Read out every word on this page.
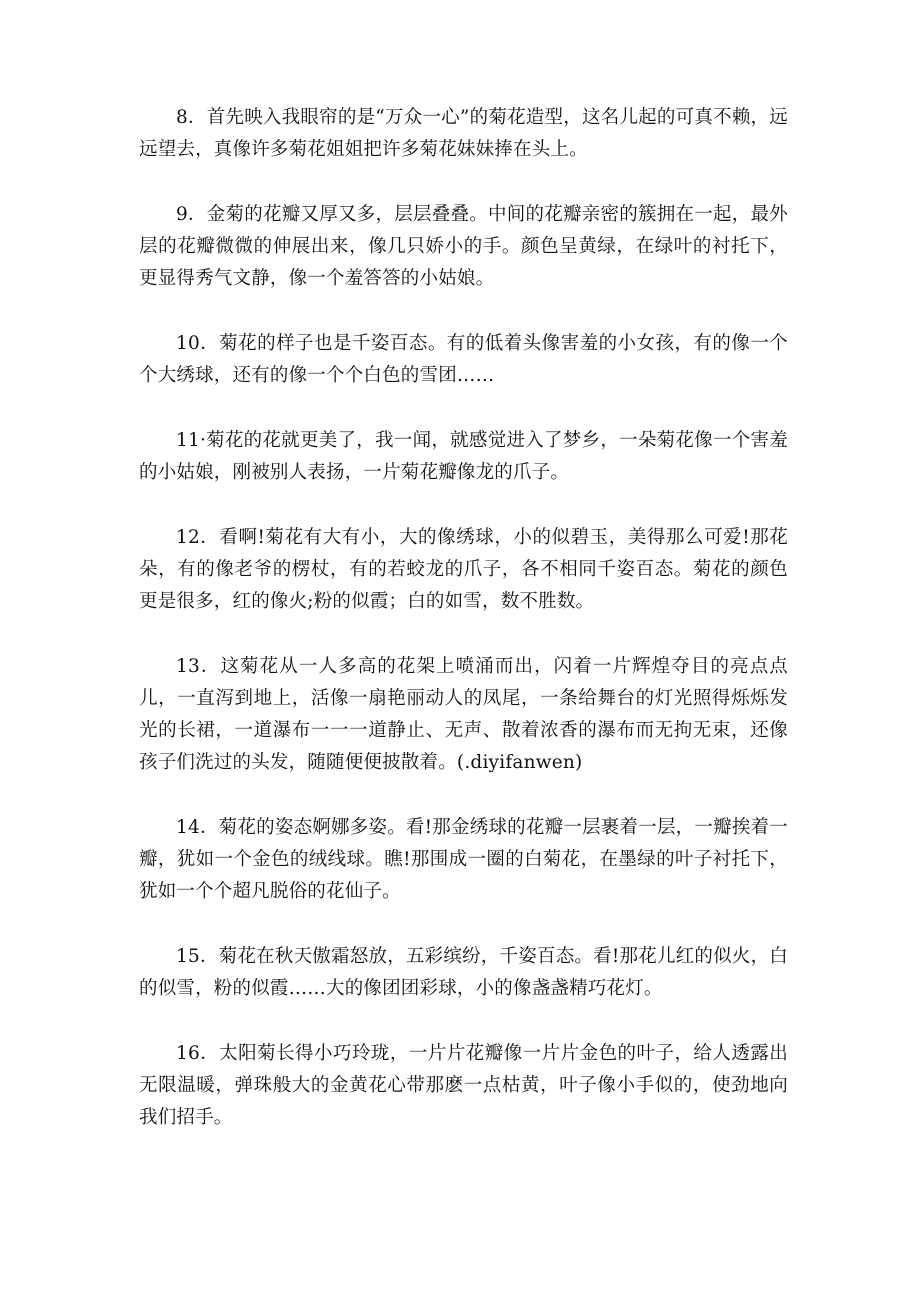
8．首先映入我眼帘的是“万众一心”的菊花造型，这名儿起的可真不赖，远远望去，真像许多菊花姐姐把许多菊花妹妹捧在头上。

9．金菊的花瓣又厚又多，层层叠叠。中间的花瓣亲密的簇拥在一起，最外层的花瓣微微的伸展出来，像几只娇小的手。颜色呈黄绿，在绿叶的衬托下，更显得秀气文静，像一个羞答答的小姑娘。

10．菊花的样子也是千姿百态。有的低着头像害羞的小女孩，有的像一个个大绣球，还有的像一个个白色的雪团……

11·菊花的花就更美了，我一闻，就感觉进入了梦乡，一朵菊花像一个害羞的小姑娘，刚被别人表扬，一片菊花瓣像龙的爪子。

12．看啊!菊花有大有小，大的像绣球，小的似碧玉，美得那么可爱!那花朵，有的像老爷的楞杖，有的若蛟龙的爪子，各不相同千姿百态。菊花的颜色更是很多，红的像火;粉的似霞；白的如雪，数不胜数。

13．这菊花从一人多高的花架上喷涌而出，闪着一片辉煌夺目的亮点点儿，一直泻到地上，活像一扇艳丽动人的凤尾，一条给舞台的灯光照得烁烁发光的长裙，一道瀑布一一一道静止、无声、散着浓香的瀑布而无拘无束，还像孩子们洗过的头发，随随便便披散着。(.diyifanwen)

14．菊花的姿态婀娜多姿。看!那金绣球的花瓣一层裹着一层，一瓣挨着一瓣，犹如一个金色的绒线球。瞧!那围成一圈的白菊花，在墨绿的叶子衬托下，犹如一个个超凡脱俗的花仙子。

15．菊花在秋天傲霜怒放，五彩缤纷，千姿百态。看!那花儿红的似火，白的似雪，粉的似霞……大的像团团彩球，小的像盏盏精巧花灯。

16．太阳菊长得小巧玲珑，一片片花瓣像一片片金色的叶子，给人透露出无限温暖，弹珠般大的金黄花心带那麽一点枯黄，叶子像小手似的，使劲地向我们招手。
